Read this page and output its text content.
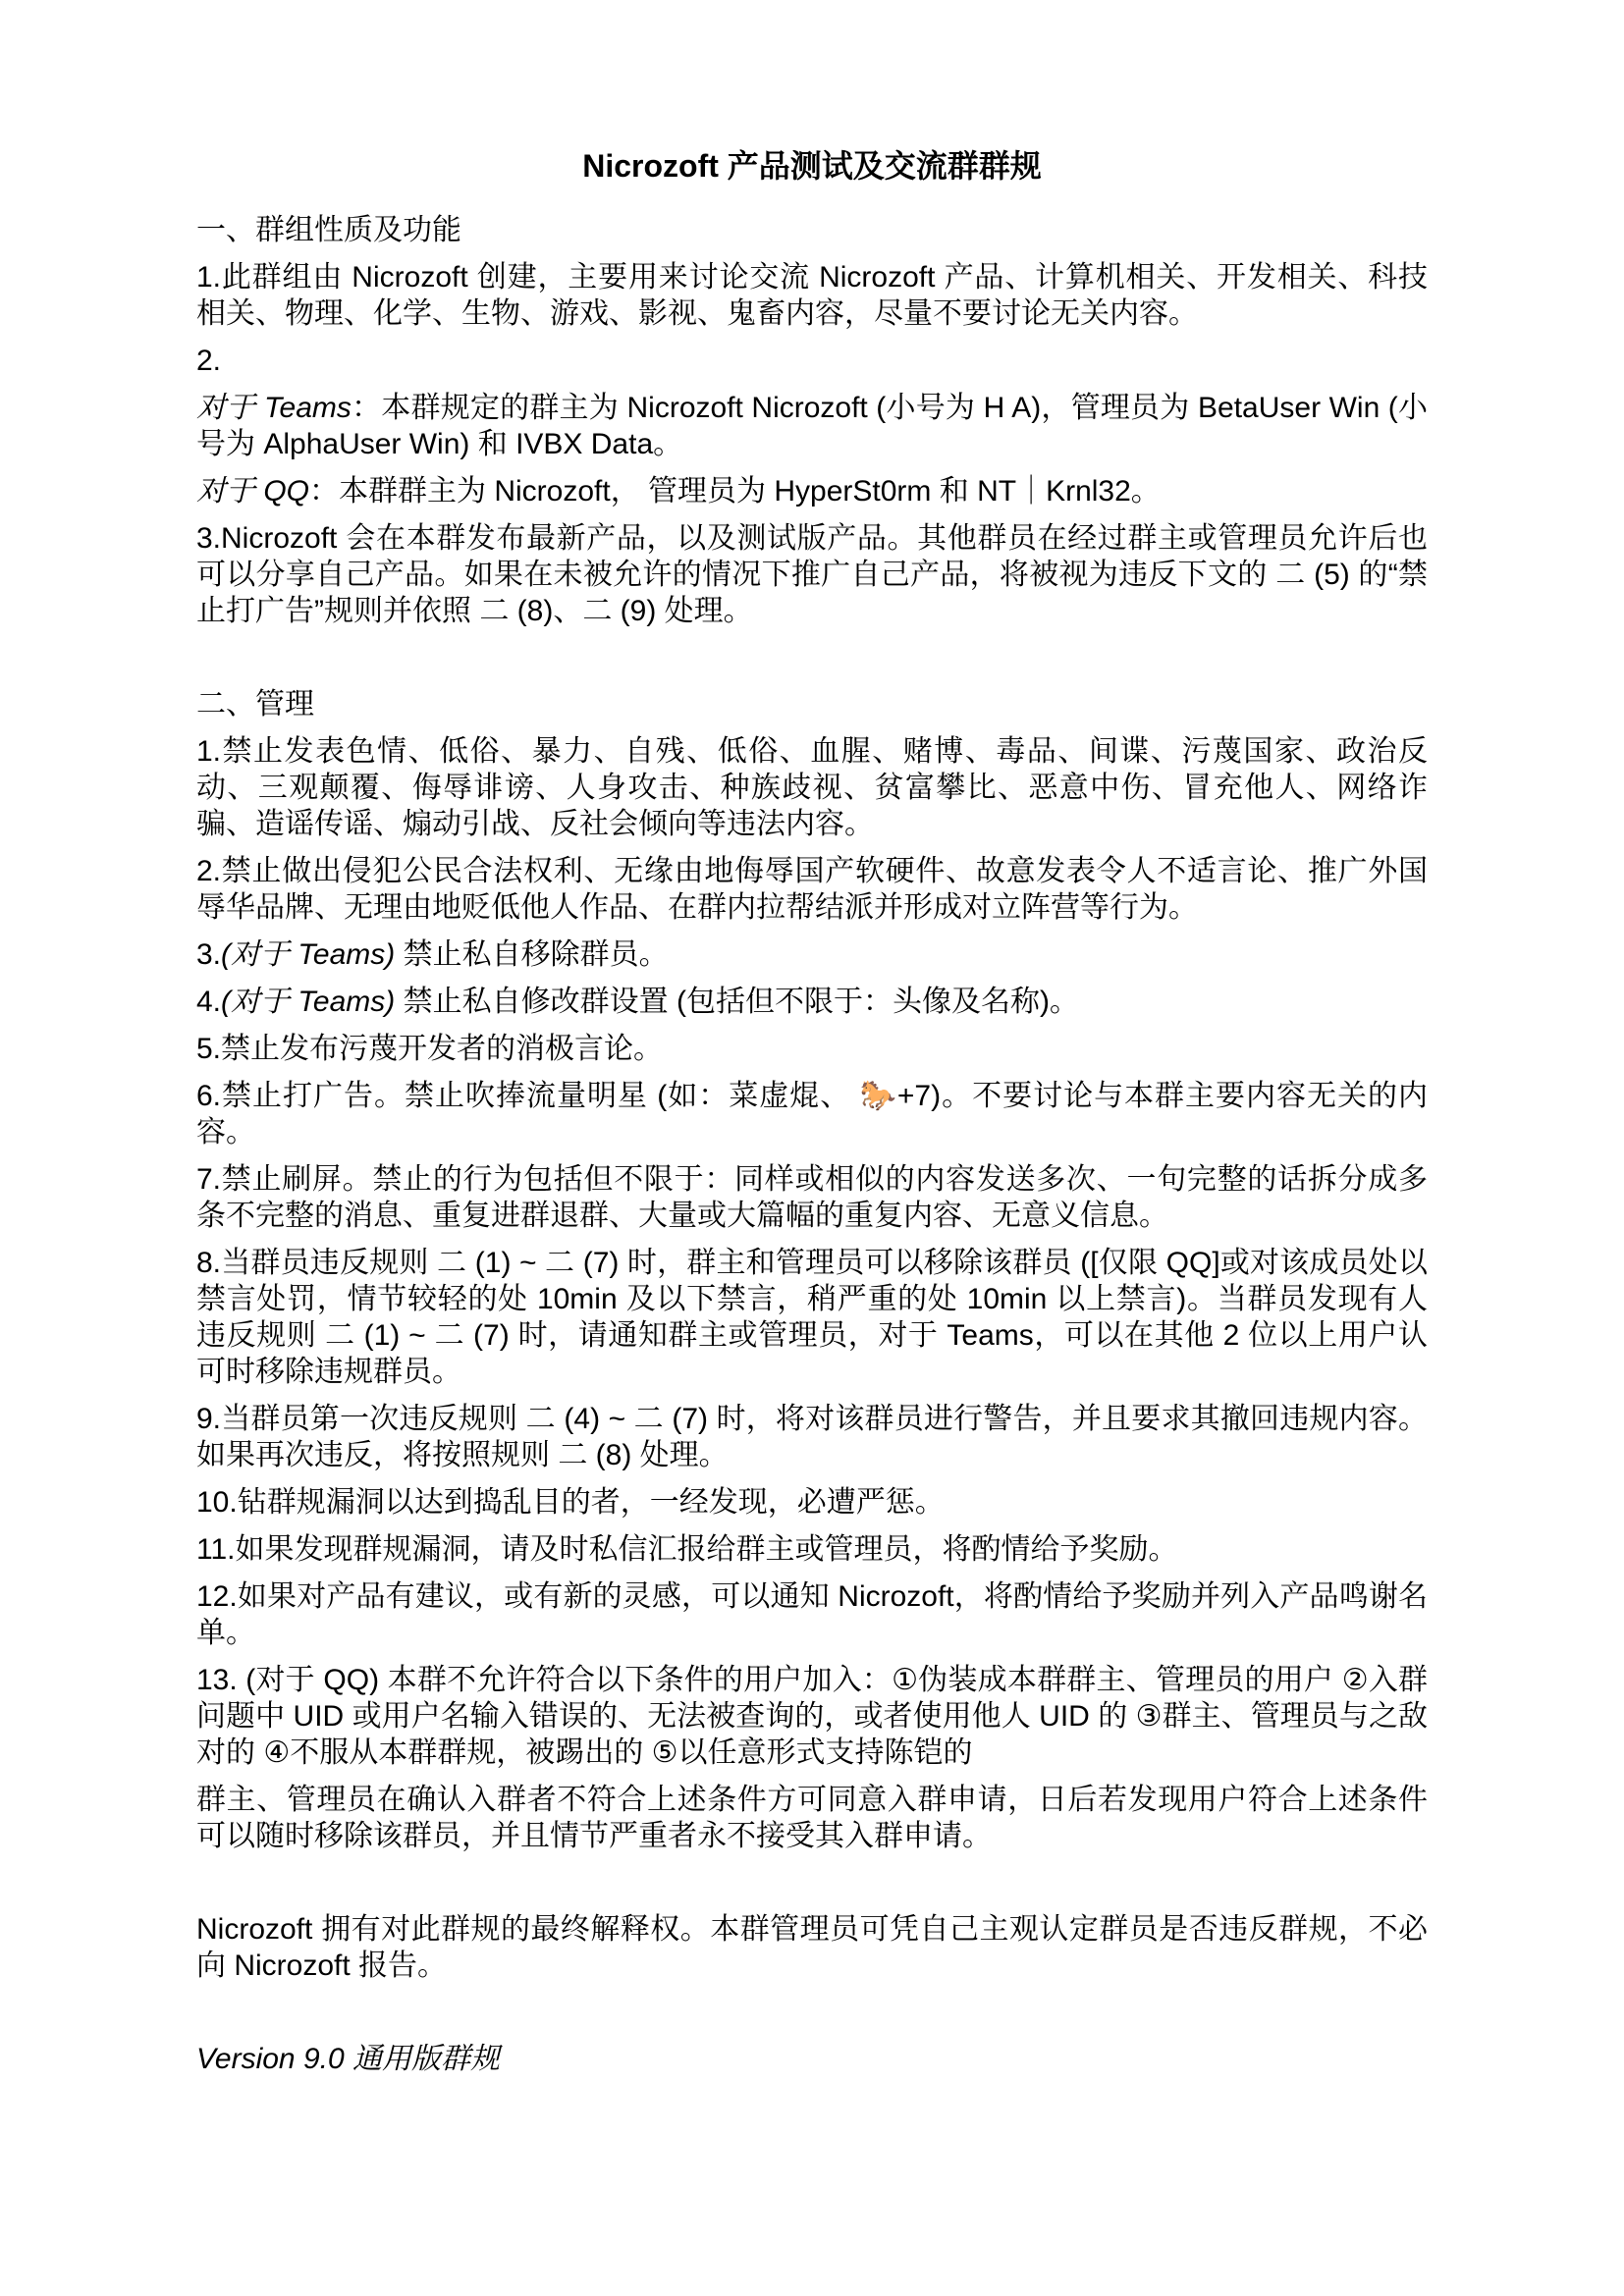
Nicrozoft 产品测试及交流群群规
一、群组性质及功能

1.此群组由 Nicrozoft 创建，主要用来讨论交流 Nicrozoft 产品、计算机相关、开发相关、科技相关、物理、化学、生物、游戏、影视、鬼畜内容，尽量不要讨论无关内容。

2.

对于 Teams：本群规定的群主为 Nicrozoft Nicrozoft (小号为 H A)，管理员为 BetaUser Win (小号为 AlphaUser Win) 和 IVBX Data。

对于 QQ：本群群主为 Nicrozoft， 管理员为 HyperSt0rm 和 NT｜Krnl32。

3.Nicrozoft 会在本群发布最新产品，以及测试版产品。其他群员在经过群主或管理员允许后也可以分享自己产品。如果在未被允许的情况下推广自己产品，将被视为违反下文的 二 (5) 的“禁止打广告”规则并依照 二 (8)、二 (9) 处理。

二、管理

1.禁止发表色情、低俗、暴力、自残、低俗、血腥、赌博、毒品、间谍、污蔑国家、政治反动、三观颠覆、侮辱诽谤、人身攻击、种族歧视、贫富攀比、恶意中伤、冒充他人、网络诈骗、造谣传谣、煽动引战、反社会倾向等违法内容。

2.禁止做出侵犯公民合法权利、无缘由地侮辱国产软硬件、故意发表令人不适言论、推广外国辱华品牌、无理由地贬低他人作品、在群内拉帮结派并形成对立阵营等行为。

3.(对于 Teams) 禁止私自移除群员。

4.(对于 Teams) 禁止私自修改群设置 (包括但不限于：头像及名称)。

5.禁止发布污蔑开发者的消极言论。

6.禁止打广告。禁止吹捧流量明星 (如：菜虚焜、 🐎+7)。不要讨论与本群主要内容无关的内容。

7.禁止刷屏。禁止的行为包括但不限于：同样或相似的内容发送多次、一句完整的话拆分成多条不完整的消息、重复进群退群、大量或大篇幅的重复内容、无意义信息。

8.当群员违反规则 二 (1) ~ 二 (7) 时，群主和管理员可以移除该群员 ([仅限 QQ]或对该成员处以禁言处罚，情节较轻的处 10min 及以下禁言，稍严重的处 10min 以上禁言)。当群员发现有人违反规则 二 (1) ~ 二 (7) 时，请通知群主或管理员，对于 Teams，可以在其他 2 位以上用户认可时移除违规群员。

9.当群员第一次违反规则 二 (4) ~ 二 (7) 时，将对该群员进行警告，并且要求其撤回违规内容。如果再次违反，将按照规则 二 (8) 处理。

10.钻群规漏洞以达到捣乱目的者，一经发现，必遭严惩。

11.如果发现群规漏洞，请及时私信汇报给群主或管理员，将酌情给予奖励。

12.如果对产品有建议，或有新的灵感，可以通知 Nicrozoft，将酌情给予奖励并列入产品鸣谢名单。

13. (对于 QQ) 本群不允许符合以下条件的用户加入：①伪装成本群群主、管理员的用户 ②入群问题中 UID 或用户名输入错误的、无法被查询的，或者使用他人 UID 的 ③群主、管理员与之敌对的 ④不服从本群群规，被踢出的 ⑤以任意形式支持陈铠的

群主、管理员在确认入群者不符合上述条件方可同意入群申请，日后若发现用户符合上述条件可以随时移除该群员，并且情节严重者永不接受其入群申请。

Nicrozoft 拥有对此群规的最终解释权。本群管理员可凭自己主观认定群员是否违反群规，不必向 Nicrozoft 报告。

Version 9.0 通用版群规
